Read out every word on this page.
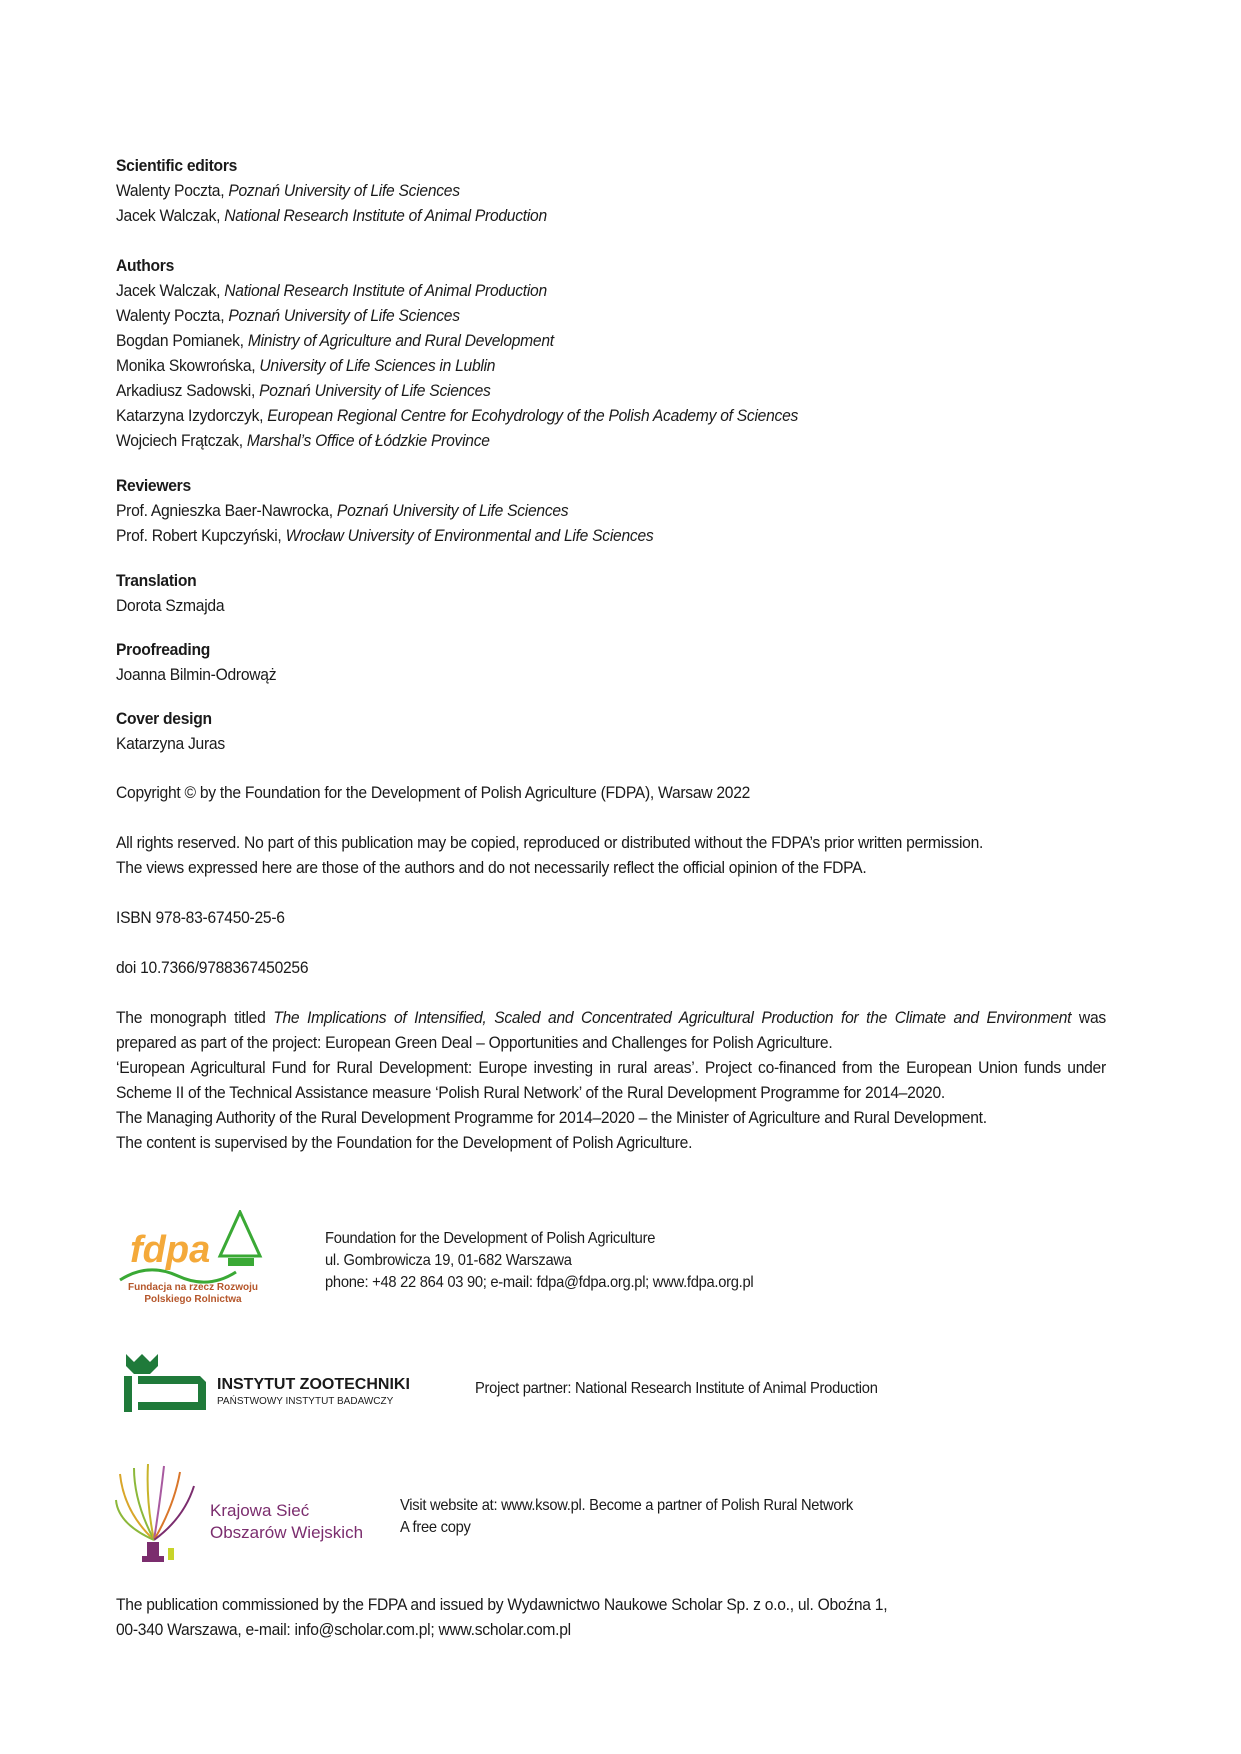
Scientific editors
Walenty Poczta, Poznań University of Life Sciences
Jacek Walczak, National Research Institute of Animal Production
Authors
Jacek Walczak, National Research Institute of Animal Production
Walenty Poczta, Poznań University of Life Sciences
Bogdan Pomianek, Ministry of Agriculture and Rural Development
Monika Skowrońska, University of Life Sciences in Lublin
Arkadiusz Sadowski, Poznań University of Life Sciences
Katarzyna Izydorczyk, European Regional Centre for Ecohydrology of the Polish Academy of Sciences
Wojciech Frątczak, Marshal’s Office of Łódzkie Province
Reviewers
Prof. Agnieszka Baer-Nawrocka, Poznań University of Life Sciences
Prof. Robert Kupczyński, Wrocław University of Environmental and Life Sciences
Translation
Dorota Szmajda
Proofreading
Joanna Bilmin-Odrowąż
Cover design
Katarzyna Juras
Copyright © by the Foundation for the Development of Polish Agriculture (FDPA), Warsaw 2022
All rights reserved. No part of this publication may be copied, reproduced or distributed without the FDPA’s prior written permission.
The views expressed here are those of the authors and do not necessarily reflect the official opinion of the FDPA.
ISBN 978-83-67450-25-6
doi 10.7366/9788367450256
The monograph titled The Implications of Intensified, Scaled and Concentrated Agricultural Production for the Climate and Environment was prepared as part of the project: European Green Deal – Opportunities and Challenges for Polish Agriculture.
‘European Agricultural Fund for Rural Development: Europe investing in rural areas’. Project co-financed from the European Union funds under Scheme II of the Technical Assistance measure ‘Polish Rural Network’ of the Rural Development Programme for 2014–2020.
The Managing Authority of the Rural Development Programme for 2014–2020 – the Minister of Agriculture and Rural Development.
The content is supervised by the Foundation for the Development of Polish Agriculture.
fdpa
Fundacja na rzecz Rozwoju
Polskiego Rolnictwa
Foundation for the Development of Polish Agriculture
ul. Gombrowicza 19, 01-682 Warszawa
phone: +48 22 864 03 90; e-mail: fdpa@fdpa.org.pl; www.fdpa.org.pl
INSTYTUT ZOOTECHNIKI
PAŃSTWOWY INSTYTUT BADAWCZY
Project partner: National Research Institute of Animal Production
Krajowa Sieć
Obszarów Wiejskich
Visit website at: www.ksow.pl. Become a partner of Polish Rural Network
A free copy
The publication commissioned by the FDPA and issued by Wydawnictwo Naukowe Scholar Sp. z o.o., ul. Oboźna 1,
00-340 Warszawa, e-mail: info@scholar.com.pl; www.scholar.com.pl
